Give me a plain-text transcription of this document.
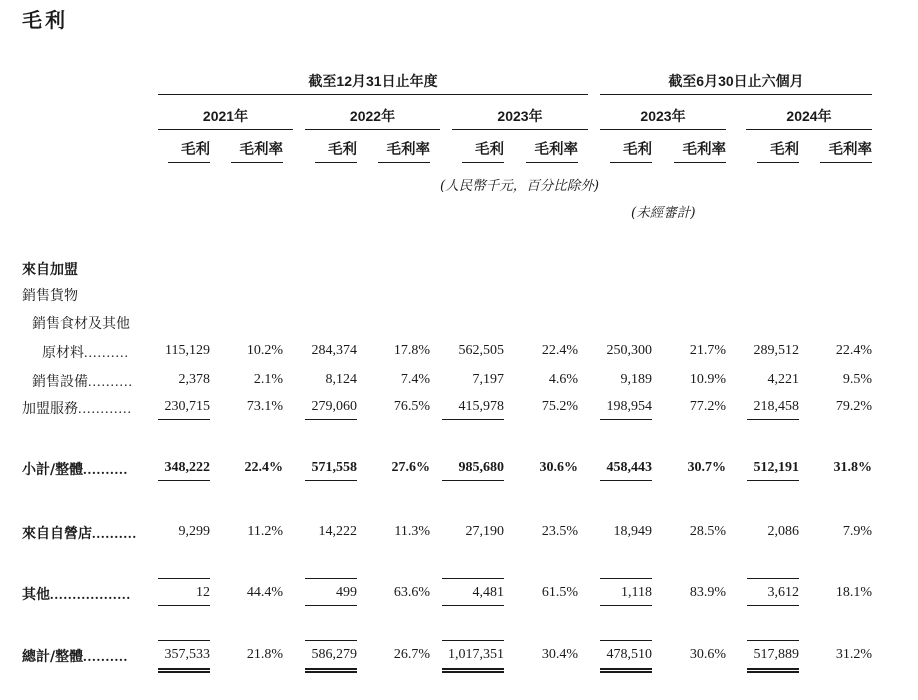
毛利
截至12月31日止年度	截至6月30日止六個月
2021年	2022年	2023年	2023年	2024年
毛利	毛利率	毛利	毛利率	毛利	毛利率	毛利	毛利率	毛利	毛利率
(人民幣千元，百分比除外)
(未經審計)
來自加盟
銷售貨物
銷售食材及其他
原材料..........	115,129	10.2%	284,374	17.8%	562,505	22.4%	250,300	21.7%	289,512	22.4%
銷售設備..........	2,378	2.1%	8,124	7.4%	7,197	4.6%	9,189	10.9%	4,221	9.5%
加盟服務............	230,715	73.1%	279,060	76.5%	415,978	75.2%	198,954	77.2%	218,458	79.2%
小計/整體..........	348,222	22.4%	571,558	27.6%	985,680	30.6%	458,443	30.7%	512,191	31.8%
來自自營店..........	9,299	11.2%	14,222	11.3%	27,190	23.5%	18,949	28.5%	2,086	7.9%
其他..................	12	44.4%	499	63.6%	4,481	61.5%	1,118	83.9%	3,612	18.1%
總計/整體..........	357,533	21.8%	586,279	26.7%	1,017,351	30.4%	478,510	30.6%	517,889	31.2%
